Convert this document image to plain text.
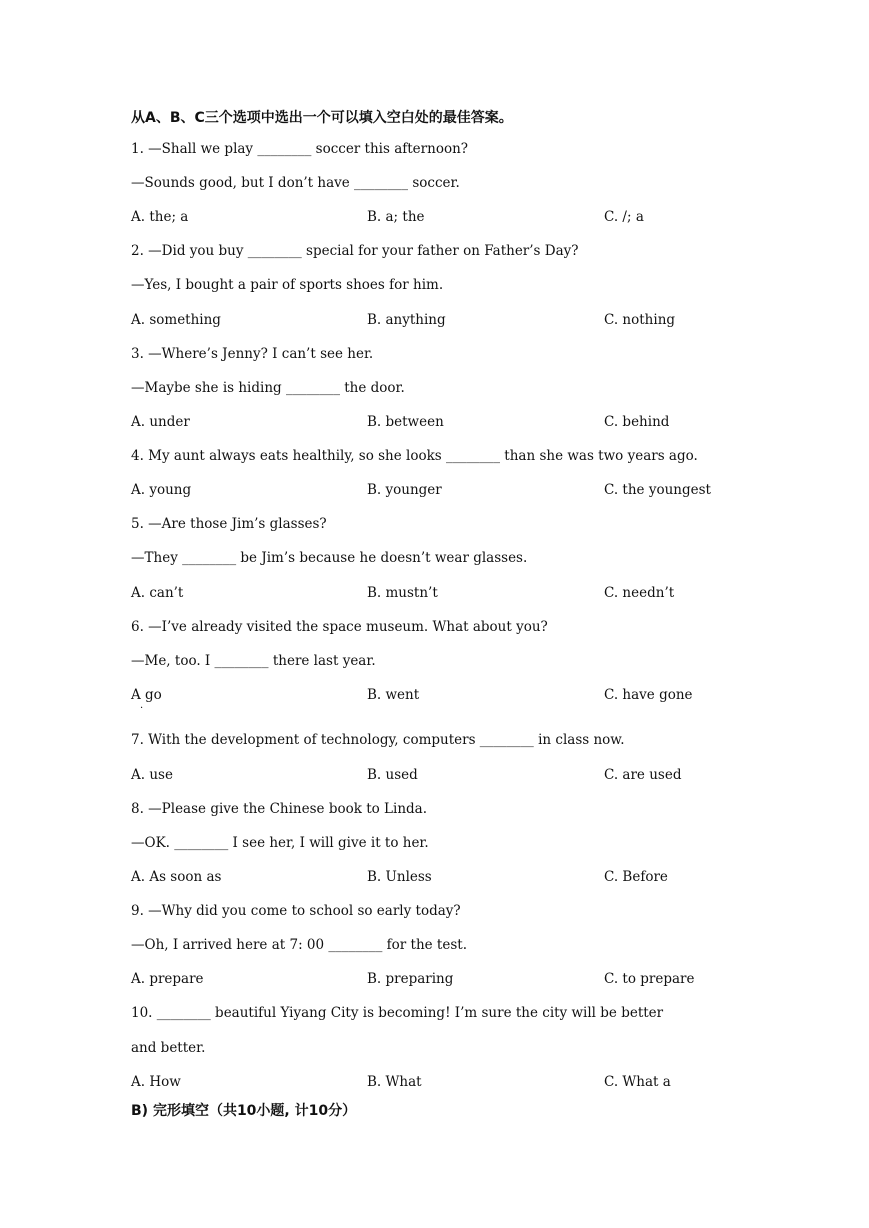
从A、B、C三个选项中选出一个可以填入空白处的最佳答案。
1. —Shall we play ________ soccer this afternoon?
—Sounds good, but I don’t have ________ soccer.
A. the; a	B. a; the	C. /; a
2. —Did you buy ________ special for your father on Father’s Day?
—Yes, I bought a pair of sports shoes for him.
A. something	B. anything	C. nothing
3. —Where’s Jenny? I can’t see her.
—Maybe she is hiding ________ the door.
A. under	B. between	C. behind
4. My aunt always eats healthily, so she looks ________ than she was two years ago.
A. young	B. younger	C. the youngest
5. —Are those Jim’s glasses?
—They ________ be Jim’s because he doesn’t wear glasses.
A. can’t	B. mustn’t	C. needn’t
6. —I’ve already visited the space museum. What about you?
—Me, too. I ________ there last year.
A go	B. went	C. have gone
·
7. With the development of technology, computers ________ in class now.
A. use	B. used	C. are used
8. —Please give the Chinese book to Linda.
—OK. ________ I see her, I will give it to her.
A. As soon as	B. Unless	C. Before
9. —Why did you come to school so early today?
—Oh, I arrived here at 7: 00 ________ for the test.
A. prepare	B. preparing	C. to prepare
10. ________ beautiful Yiyang City is becoming! I’m sure the city will be better
and better.
A. How	B. What	C. What a
B) 完形填空（共10小题, 计10分）
